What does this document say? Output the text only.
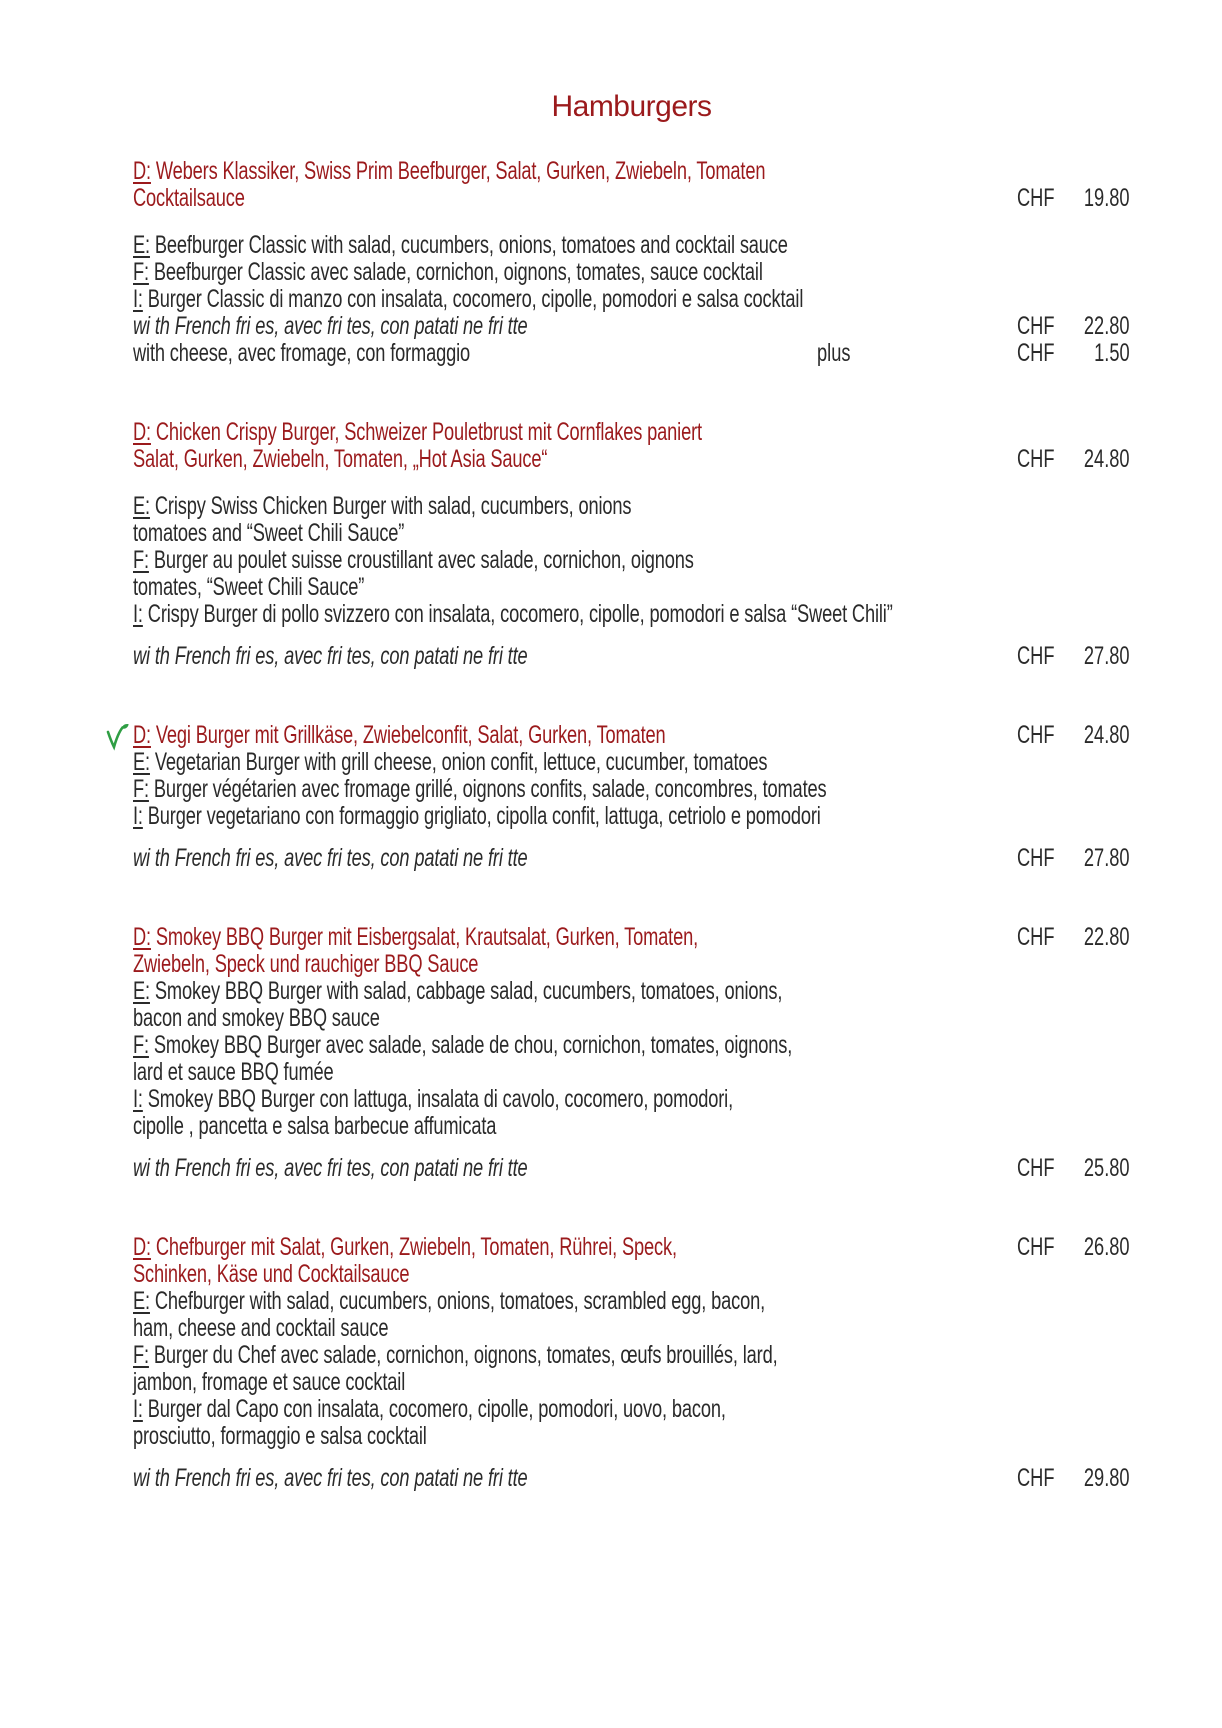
Hamburgers
D: Webers Klassiker, Swiss Prim Beefburger, Salat, Gurken, Zwiebeln, Tomaten
Cocktailsauce	CHF 19.80
E: Beefburger Classic with salad, cucumbers, onions, tomatoes and cocktail sauce
F: Beefburger Classic avec salade, cornichon, oignons, tomates, sauce cocktail
I: Burger Classic di manzo con insalata, cocomero, cipolle, pomodori e salsa cocktail
wi th French fri es, avec fri tes, con patati ne fri tte	CHF 22.80
with cheese, avec fromage, con formaggio	plus	CHF 1.50
D: Chicken Crispy Burger, Schweizer Pouletbrust mit Cornflakes paniert
Salat, Gurken, Zwiebeln, Tomaten, „Hot Asia Sauce“	CHF 24.80
E: Crispy Swiss Chicken Burger with salad, cucumbers, onions
tomatoes and “Sweet Chili Sauce”
F: Burger au poulet suisse croustillant avec salade, cornichon, oignons
tomates, “Sweet Chili Sauce”
I: Crispy Burger di pollo svizzero con insalata, cocomero, cipolle, pomodori e salsa “Sweet Chili”
wi th French fri es, avec fri tes, con patati ne fri tte	CHF 27.80
D: Vegi Burger mit Grillkäse, Zwiebelconfit, Salat, Gurken, Tomaten	CHF 24.80
E: Vegetarian Burger with grill cheese, onion confit, lettuce, cucumber, tomatoes
F: Burger végétarien avec fromage grillé, oignons confits, salade, concombres, tomates
I: Burger vegetariano con formaggio grigliato, cipolla confit, lattuga, cetriolo e pomodori
wi th French fri es, avec fri tes, con patati ne fri tte	CHF 27.80
D: Smokey BBQ Burger mit Eisbergsalat, Krautsalat, Gurken, Tomaten,	CHF 22.80
Zwiebeln, Speck und rauchiger BBQ Sauce
E: Smokey BBQ Burger with salad, cabbage salad, cucumbers, tomatoes, onions,
bacon and smokey BBQ sauce
F: Smokey BBQ Burger avec salade, salade de chou, cornichon, tomates, oignons,
lard et sauce BBQ fumée
I: Smokey BBQ Burger con lattuga, insalata di cavolo, cocomero, pomodori,
cipolle , pancetta e salsa barbecue affumicata
wi th French fri es, avec fri tes, con patati ne fri tte	CHF 25.80
D: Chefburger mit Salat, Gurken, Zwiebeln, Tomaten, Rührei, Speck,	CHF 26.80
Schinken, Käse und Cocktailsauce
E: Chefburger with salad, cucumbers, onions, tomatoes, scrambled egg, bacon,
ham, cheese and cocktail sauce
F: Burger du Chef avec salade, cornichon, oignons, tomates, œufs brouillés, lard,
jambon, fromage et sauce cocktail
I: Burger dal Capo con insalata, cocomero, cipolle, pomodori, uovo, bacon,
prosciutto, formaggio e salsa cocktail
wi th French fri es, avec fri tes, con patati ne fri tte	CHF 29.80
